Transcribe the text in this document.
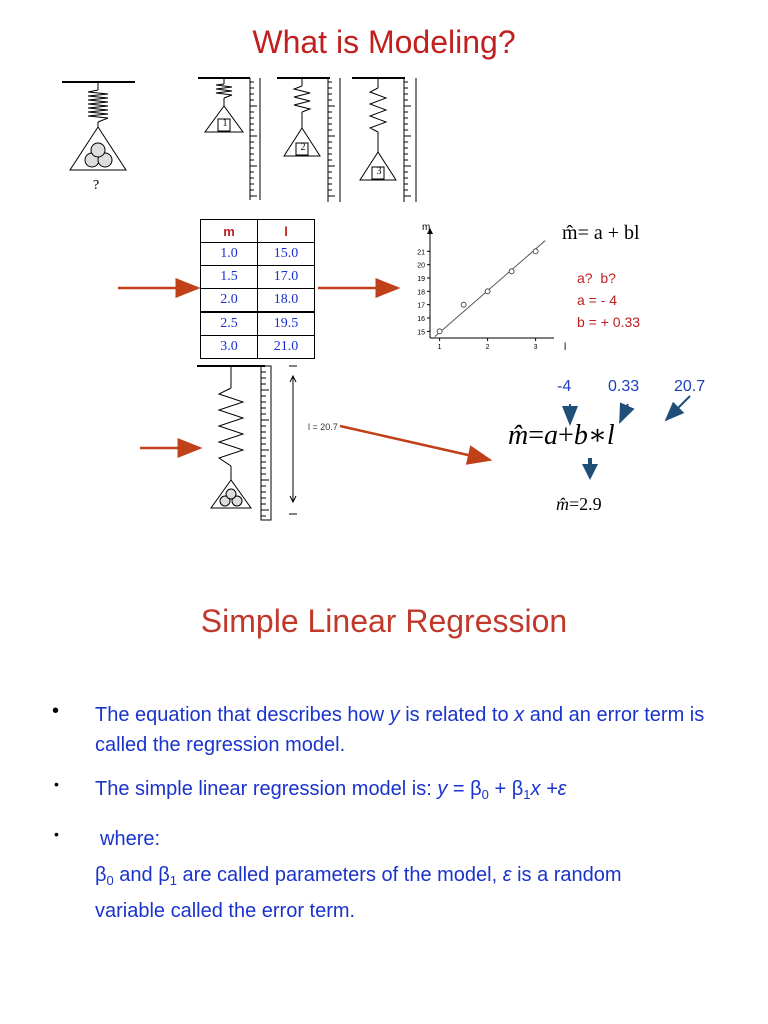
What is Modeling?
1
2
3
?
m	l
1.0	15.0
1.5	17.0
2.0	18.0
2.5	19.5
3.0	21.0
15
16
17
18
19
20
21
1	2	3
m
l
m̂= a + bl
a?  b?
a = - 4
b = + 0.33
-4 0.33 20.7
m̂=a+b∗l
m̂=2.9
l = 20.7
Simple Linear Regression
• The equation that describes how y is related to x and an error term is called the regression model.
• The simple linear regression model is: $y = \beta_0 + \beta_1x +\varepsilon$
• where:
$\beta_0$ and $\beta_1$ are called parameters of the model, ε is a random variable called the error term.
